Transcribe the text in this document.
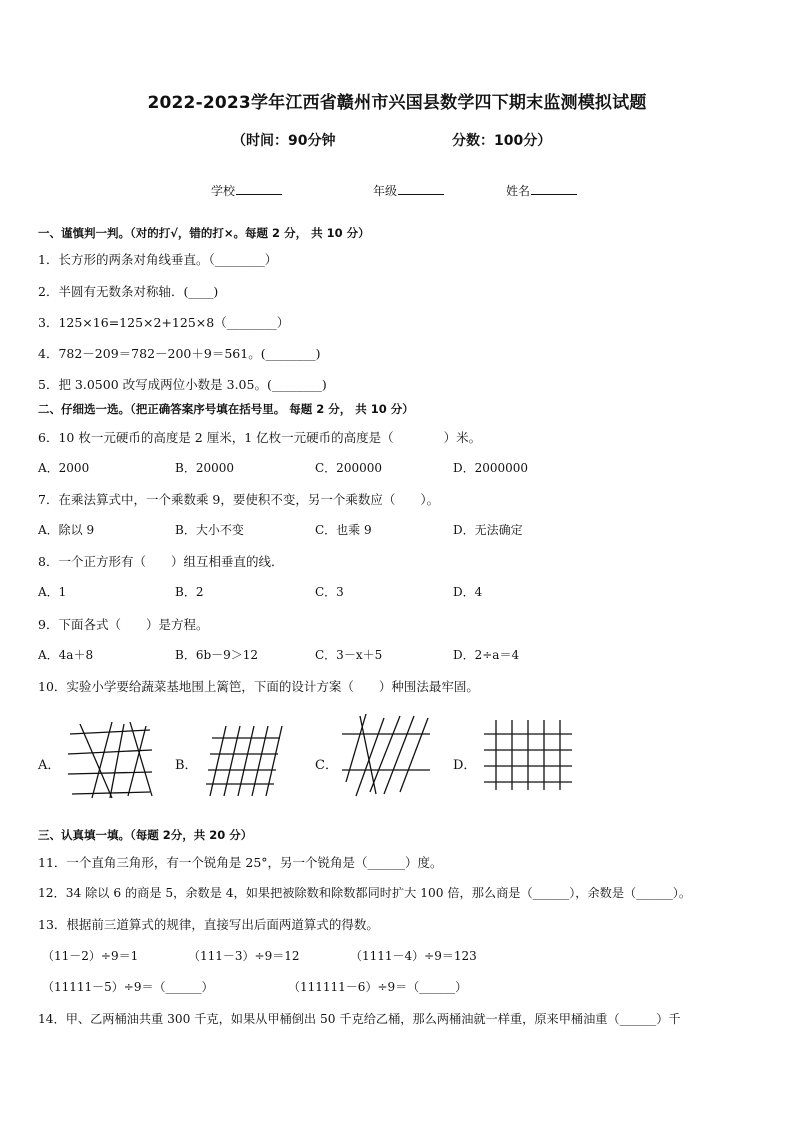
2022-2023学年江西省赣州市兴国县数学四下期末监测模拟试题
（时间：90分钟	分数：100分）
学校	年级	姓名
一、谨慎判一判。（对的打√，错的打×。每题 2 分， 共 10 分）
1．长方形的两条对角线垂直。（________）
2．半圆有无数条对称轴．(____)
3．125×16=125×2+125×8（________）
4．782－209＝782－200＋9＝561。(________)
5．把 3.0500 改写成两位小数是 3.05。(________)
二、仔细选一选。（把正确答案序号填在括号里。 每题 2 分， 共 10 分）
6．10 枚一元硬币的高度是 2 厘米，1 亿枚一元硬币的高度是（　　　　）米。
A．2000	B．20000	C．200000	D．2000000
7．在乘法算式中，一个乘数乘 9，要使积不变，另一个乘数应（　　）。
A．除以 9	B．大小不变	C．也乘 9	D．无法确定
8．一个正方形有（　　）组互相垂直的线．
A．1	B．2	C．3	D．4
9．下面各式（　　）是方程。
A．4a＋8	B．6b－9＞12	C．3－x＋5	D．2÷a＝4
10．实验小学要给蔬菜基地围上篱笆，下面的设计方案（　　）种围法最牢固。
A．	B．	C．	D．
三、认真填一填。（每题 2分，共 20 分）
11．一个直角三角形，有一个锐角是 25°，另一个锐角是（______）度。
12．34 除以 6 的商是 5，余数是 4，如果把被除数和除数都同时扩大 100 倍，那么商是（______），余数是（______）。
13．根据前三道算式的规律，直接写出后面两道算式的得数。
（11－2）÷9＝1	（111－3）÷9＝12	（1111－4）÷9＝123
（11111－5）÷9＝（______）	（111111－6）÷9＝（______）
14．甲、乙两桶油共重 300 千克，如果从甲桶倒出 50 千克给乙桶，那么两桶油就一样重，原来甲桶油重（______）千
